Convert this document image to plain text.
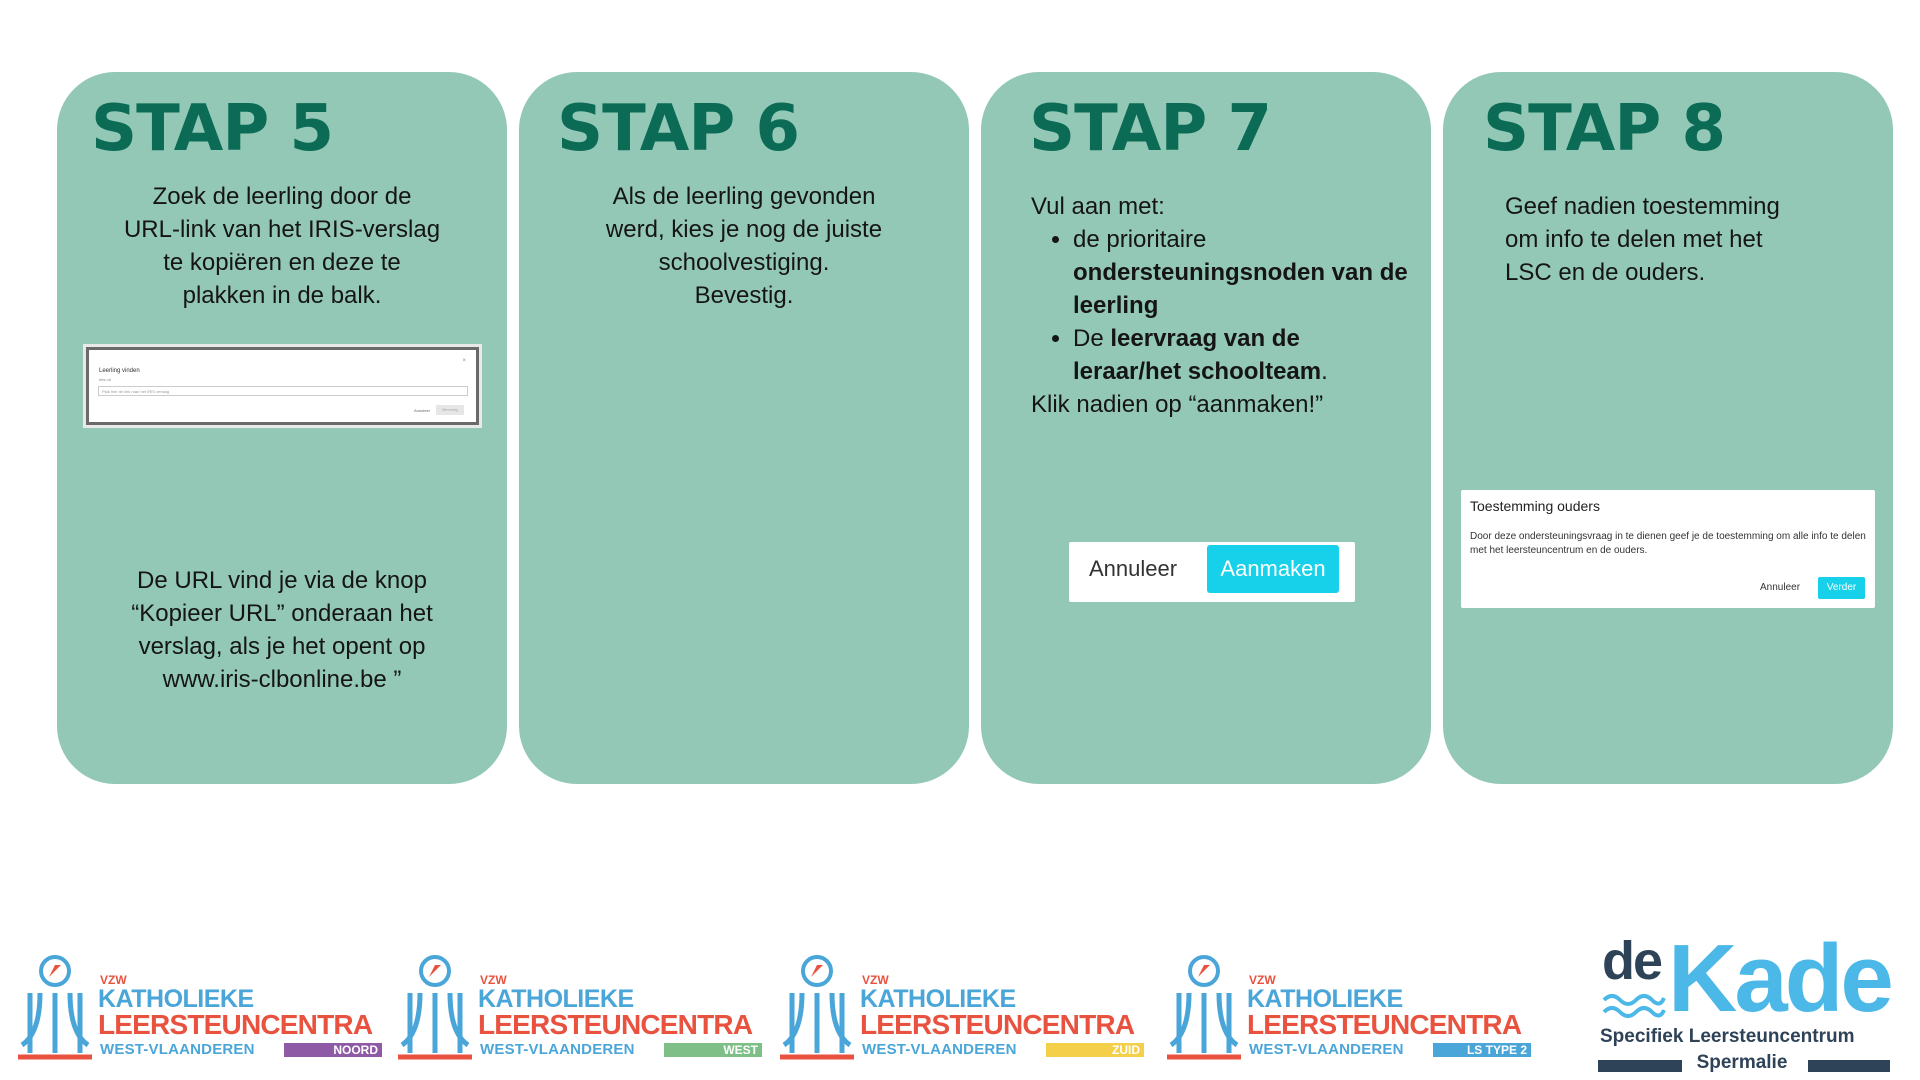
STAP 5
Zoek de leerling door de
URL-link van het IRIS-verslag
te kopiëren en deze te
plakken in de balk.
×
Leerling vinden
Iets url
Plak hier de link naar het IRIS verslag
Annuleer	Bevestig
De URL vind je via de knop
“Kopieer URL” onderaan het
verslag, als je het opent op
www.iris-clbonline.be ”
STAP 6
Als de leerling gevonden
werd, kies je nog de juiste
schoolvestiging.
Bevestig.
STAP 7
Vul aan met:
• de prioritaire ondersteuningsnoden van de leerling
• De leervraag van de leraar/het schoolteam.
Klik nadien op “aanmaken!”
Annuleer	Aanmaken
STAP 8
Geef nadien toestemming
om info te delen met het
LSC en de ouders.
Toestemming ouders
Door deze ondersteuningsvraag in te dienen geef je de toestemming om alle info te delen met het leersteuncentrum en de ouders.
Annuleer	Verder
VZW
KATHOLIEKE
LEERSTEUNCENTRA
WEST-VLAANDEREN	NOORD
VZW
KATHOLIEKE
LEERSTEUNCENTRA
WEST-VLAANDEREN	WEST
VZW
KATHOLIEKE
LEERSTEUNCENTRA
WEST-VLAANDEREN	ZUID
VZW
KATHOLIEKE
LEERSTEUNCENTRA
WEST-VLAANDEREN	LS TYPE 2
de Kade
Specifiek Leersteuncentrum
Spermalie
